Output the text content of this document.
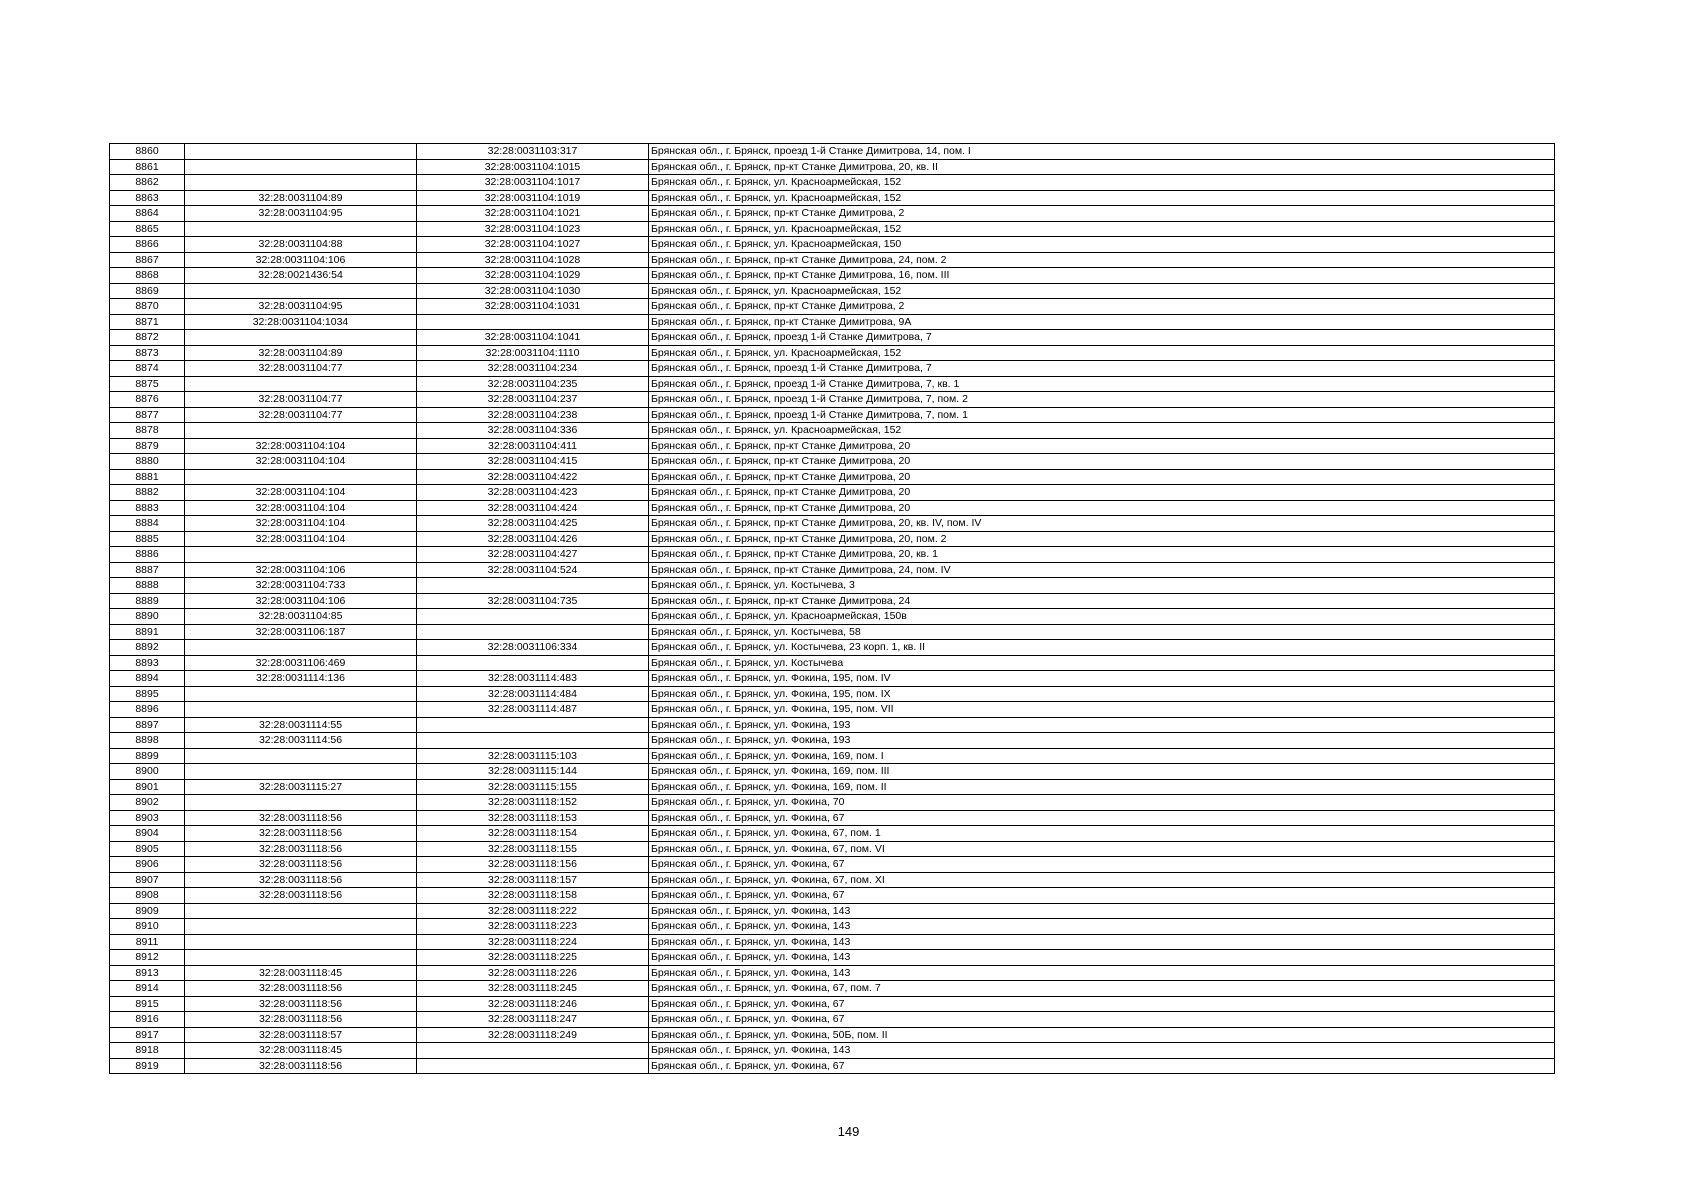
8860		32:28:0031103:317	Брянская обл., г. Брянск, проезд 1-й Станке Димитрова, 14, пом. I
8861		32:28:0031104:1015	Брянская обл., г. Брянск, пр-кт Станке Димитрова, 20, кв. II
8862		32:28:0031104:1017	Брянская обл., г. Брянск, ул. Красноармейская, 152
8863	32:28:0031104:89	32:28:0031104:1019	Брянская обл., г. Брянск, ул. Красноармейская, 152
8864	32:28:0031104:95	32:28:0031104:1021	Брянская обл., г. Брянск, пр-кт Станке Димитрова, 2
8865		32:28:0031104:1023	Брянская обл., г. Брянск, ул. Красноармейская, 152
8866	32:28:0031104:88	32:28:0031104:1027	Брянская обл., г. Брянск, ул. Красноармейская, 150
8867	32:28:0031104:106	32:28:0031104:1028	Брянская обл., г. Брянск, пр-кт Станке Димитрова, 24, пом. 2
8868	32:28:0021436:54	32:28:0031104:1029	Брянская обл., г. Брянск, пр-кт Станке Димитрова, 16, пом. III
8869		32:28:0031104:1030	Брянская обл., г. Брянск, ул. Красноармейская, 152
8870	32:28:0031104:95	32:28:0031104:1031	Брянская обл., г. Брянск, пр-кт Станке Димитрова, 2
8871	32:28:0031104:1034		Брянская обл., г. Брянск, пр-кт Станке Димитрова, 9А
8872		32:28:0031104:1041	Брянская обл., г. Брянск, проезд 1-й Станке Димитрова, 7
8873	32:28:0031104:89	32:28:0031104:1110	Брянская обл., г. Брянск, ул. Красноармейская, 152
8874	32:28:0031104:77	32:28:0031104:234	Брянская обл., г. Брянск, проезд 1-й Станке Димитрова, 7
8875		32:28:0031104:235	Брянская обл., г. Брянск, проезд 1-й Станке Димитрова, 7, кв. 1
8876	32:28:0031104:77	32:28:0031104:237	Брянская обл., г. Брянск, проезд 1-й Станке Димитрова, 7, пом. 2
8877	32:28:0031104:77	32:28:0031104:238	Брянская обл., г. Брянск, проезд 1-й Станке Димитрова, 7, пом. 1
8878		32:28:0031104:336	Брянская обл., г. Брянск, ул. Красноармейская, 152
8879	32:28:0031104:104	32:28:0031104:411	Брянская обл., г. Брянск, пр-кт Станке Димитрова, 20
8880	32:28:0031104:104	32:28:0031104:415	Брянская обл., г. Брянск, пр-кт Станке Димитрова, 20
8881		32:28:0031104:422	Брянская обл., г. Брянск, пр-кт Станке Димитрова, 20
8882	32:28:0031104:104	32:28:0031104:423	Брянская обл., г. Брянск, пр-кт Станке Димитрова, 20
8883	32:28:0031104:104	32:28:0031104:424	Брянская обл., г. Брянск, пр-кт Станке Димитрова, 20
8884	32:28:0031104:104	32:28:0031104:425	Брянская обл., г. Брянск, пр-кт Станке Димитрова, 20, кв. IV, пом. IV
8885	32:28:0031104:104	32:28:0031104:426	Брянская обл., г. Брянск, пр-кт Станке Димитрова, 20, пом. 2
8886		32:28:0031104:427	Брянская обл., г. Брянск, пр-кт Станке Димитрова, 20, кв. 1
8887	32:28:0031104:106	32:28:0031104:524	Брянская обл., г. Брянск, пр-кт Станке Димитрова, 24, пом. IV
8888	32:28:0031104:733		Брянская обл., г. Брянск, ул. Костычева, 3
8889	32:28:0031104:106	32:28:0031104:735	Брянская обл., г. Брянск, пр-кт Станке Димитрова, 24
8890	32:28:0031104:85		Брянская обл., г. Брянск, ул. Красноармейская, 150в
8891	32:28:0031106:187		Брянская обл., г. Брянск, ул. Костычева, 58
8892		32:28:0031106:334	Брянская обл., г. Брянск, ул. Костычева, 23 корп. 1, кв. II
8893	32:28:0031106:469		Брянская обл., г. Брянск, ул. Костычева
8894	32:28:0031114:136	32:28:0031114:483	Брянская обл., г. Брянск, ул. Фокина, 195, пом. IV
8895		32:28:0031114:484	Брянская обл., г. Брянск, ул. Фокина, 195, пом. IX
8896		32:28:0031114:487	Брянская обл., г. Брянск, ул. Фокина, 195, пом. VII
8897	32:28:0031114:55		Брянская обл., г. Брянск, ул. Фокина, 193
8898	32:28:0031114:56		Брянская обл., г. Брянск, ул. Фокина, 193
8899		32:28:0031115:103	Брянская обл., г. Брянск, ул. Фокина, 169, пом. I
8900		32:28:0031115:144	Брянская обл., г. Брянск, ул. Фокина, 169, пом. III
8901	32:28:0031115:27	32:28:0031115:155	Брянская обл., г. Брянск, ул. Фокина, 169, пом. II
8902		32:28:0031118:152	Брянская обл., г. Брянск, ул. Фокина, 70
8903	32:28:0031118:56	32:28:0031118:153	Брянская обл., г. Брянск, ул. Фокина, 67
8904	32:28:0031118:56	32:28:0031118:154	Брянская обл., г. Брянск, ул. Фокина, 67, пом. 1
8905	32:28:0031118:56	32:28:0031118:155	Брянская обл., г. Брянск, ул. Фокина, 67, пом. VI
8906	32:28:0031118:56	32:28:0031118:156	Брянская обл., г. Брянск, ул. Фокина, 67
8907	32:28:0031118:56	32:28:0031118:157	Брянская обл., г. Брянск, ул. Фокина, 67, пом. XI
8908	32:28:0031118:56	32:28:0031118:158	Брянская обл., г. Брянск, ул. Фокина, 67
8909		32:28:0031118:222	Брянская обл., г. Брянск, ул. Фокина, 143
8910		32:28:0031118:223	Брянская обл., г. Брянск, ул. Фокина, 143
8911		32:28:0031118:224	Брянская обл., г. Брянск, ул. Фокина, 143
8912		32:28:0031118:225	Брянская обл., г. Брянск, ул. Фокина, 143
8913	32:28:0031118:45	32:28:0031118:226	Брянская обл., г. Брянск, ул. Фокина, 143
8914	32:28:0031118:56	32:28:0031118:245	Брянская обл., г. Брянск, ул. Фокина, 67, пом. 7
8915	32:28:0031118:56	32:28:0031118:246	Брянская обл., г. Брянск, ул. Фокина, 67
8916	32:28:0031118:56	32:28:0031118:247	Брянская обл., г. Брянск, ул. Фокина, 67
8917	32:28:0031118:57	32:28:0031118:249	Брянская обл., г. Брянск, ул. Фокина, 50Б, пом. II
8918	32:28:0031118:45		Брянская обл., г. Брянск, ул. Фокина, 143
8919	32:28:0031118:56		Брянская обл., г. Брянск, ул. Фокина, 67
149
